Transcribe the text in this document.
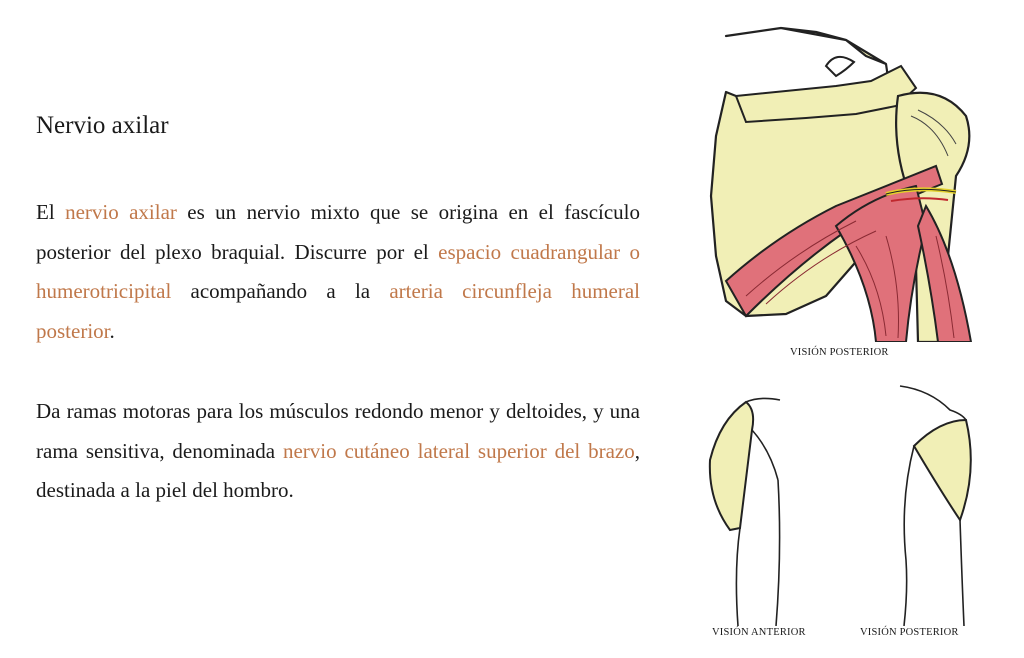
Nervio axilar

El nervio axilar es un nervio mixto que se origina en el fascículo posterior del plexo braquial. Discurre por el espacio cuadrangular o humerotricipital acompañando a la arteria circunfleja humeral posterior.

Da ramas motoras para los músculos redondo menor y deltoides, y una rama sensitiva, denominada nervio cutáneo lateral superior del brazo, destinada a la piel del hombro.

VISIÓN POSTERIOR
VISIÓN ANTERIOR	VISIÓN POSTERIOR
